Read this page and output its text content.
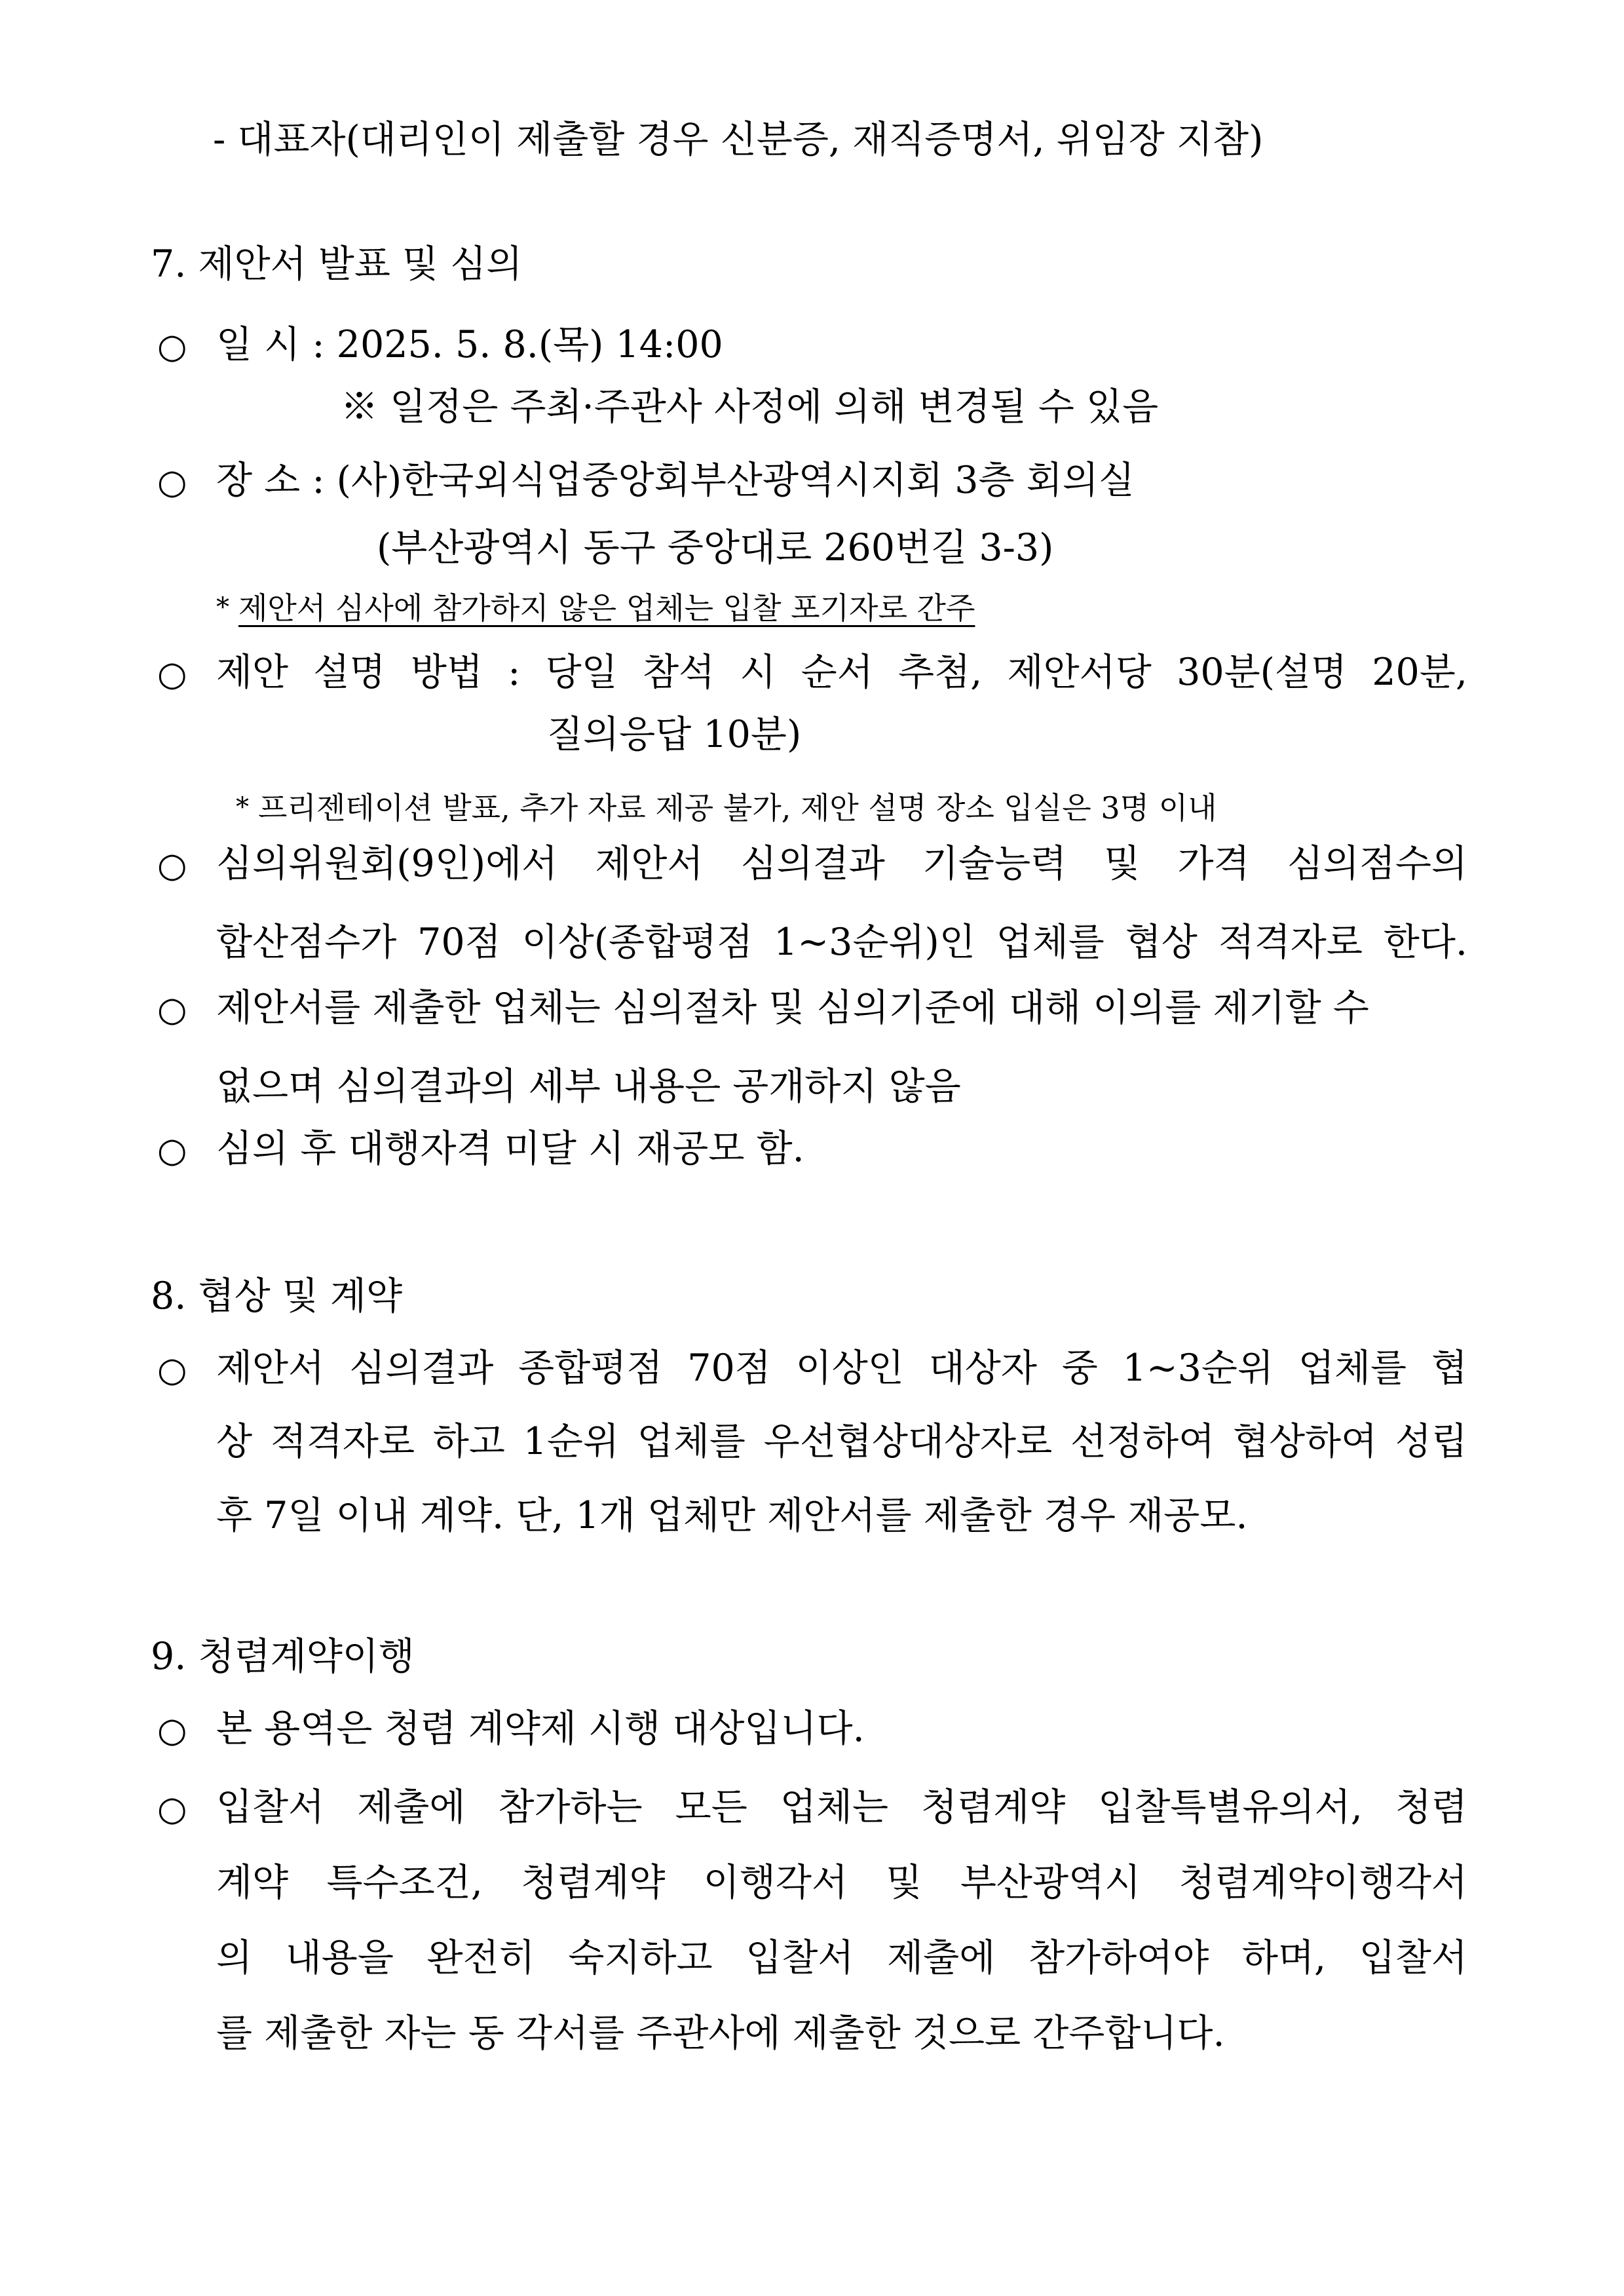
- 대표자(대리인이 제출할 경우 신분증, 재직증명서, 위임장 지참)
7. 제안서 발표 및 심의
○ 일 시 : 2025. 5. 8.(목) 14:00
※ 일정은 주최·주관사 사정에 의해 변경될 수 있음
○ 장 소 : (사)한국외식업중앙회부산광역시지회 3층 회의실
(부산광역시 동구 중앙대로 260번길 3-3)
* 제안서 심사에 참가하지 않은 업체는 입찰 포기자로 간주
○ 제안 설명 방법 : 당일 참석 시 순서 추첨, 제안서당 30분(설명 20분,
질의응답 10분)
* 프리젠테이션 발표, 추가 자료 제공 불가, 제안 설명 장소 입실은 3명 이내
○ 심의위원회(9인)에서 제안서 심의결과 기술능력 및 가격 심의점수의
합산점수가 70점 이상(종합평점 1~3순위)인 업체를 협상 적격자로 한다.
○ 제안서를 제출한 업체는 심의절차 및 심의기준에 대해 이의를 제기할 수
없으며 심의결과의 세부 내용은 공개하지 않음
○ 심의 후 대행자격 미달 시 재공모 함.
8. 협상 및 계약
○ 제안서 심의결과 종합평점 70점 이상인 대상자 중 1~3순위 업체를 협
상 적격자로 하고 1순위 업체를 우선협상대상자로 선정하여 협상하여 성립
후 7일 이내 계약. 단, 1개 업체만 제안서를 제출한 경우 재공모.
9. 청렴계약이행
○ 본 용역은 청렴 계약제 시행 대상입니다.
○ 입찰서 제출에 참가하는 모든 업체는 청렴계약 입찰특별유의서, 청렴
계약 특수조건, 청렴계약 이행각서 및 부산광역시 청렴계약이행각서
의 내용을 완전히 숙지하고 입찰서 제출에 참가하여야 하며, 입찰서
를 제출한 자는 동 각서를 주관사에 제출한 것으로 간주합니다.
